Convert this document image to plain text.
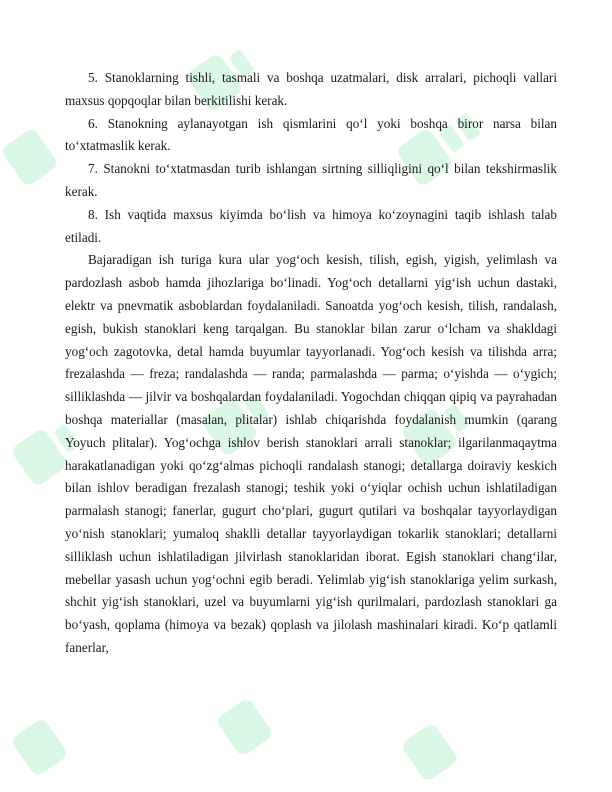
5. Stanoklarning tishli, tasmali va boshqa uzatmalari, disk arralari, pichoqli vallari maxsus qopqoqlar bilan berkitilishi kerak.

6. Stanokning aylanayotgan ish qismlarini qo‘l yoki boshqa biror narsa bilan to‘xtatmaslik kerak.

7. Stanokni to‘xtatmasdan turib ishlangan sirtning silliqligini qo‘l bilan tekshirmaslik kerak.

8. Ish vaqtida maxsus kiyimda bo‘lish va himoya ko‘zoynagini taqib ishlash talab etiladi.

Bajaradigan ish turiga kura ular yog‘och kesish, tilish, egish, yigish, yelimlash va pardozlash asbob hamda jihozlariga bo‘linadi. Yog‘och detallarni yig‘ish uchun dastaki, elektr va pnevmatik asboblardan foydalaniladi. Sanoatda yog‘och kesish, tilish, randalash, egish, bukish stanoklari keng tarqalgan. Bu stanoklar bilan zarur o‘lcham va shakldagi yog‘och zagotovka, detal hamda buyumlar tayyorlanadi. Yog‘och kesish va tilishda arra; frezalashda — freza; randalashda — randa; parmalashda — parma; o‘yishda — o‘ygich; silliklashda — jilvir va boshqalardan foydalaniladi. Yogochdan chiqqan qipiq va payrahadan boshqa materiallar (masalan, plitalar) ishlab chiqarishda foydalanish mumkin (qarang Yoyuch plitalar). Yog‘ochga ishlov berish stanoklari arrali stanoklar; ilgarilanmaqaytma harakatlanadigan yoki qo‘zg‘almas pichoqli randalash stanogi; detallarga doiraviy keskich bilan ishlov beradigan frezalash stanogi; teshik yoki o‘yiqlar ochish uchun ishlatiladigan parmalash stanogi; fanerlar, gugurt cho‘plari, gugurt qutilari va boshqalar tayyorlaydigan yo‘nish stanoklari; yumaloq shaklli detallar tayyorlaydigan tokarlik stanoklari; detallarni silliklash uchun ishlatiladigan jilvirlash stanoklaridan iborat. Egish stanoklari chang‘ilar, mebellar yasash uchun yog‘ochni egib beradi. Yelimlab yig‘ish stanoklariga yelim surkash, shchit yig‘ish stanoklari, uzel va buyumlarni yig‘ish qurilmalari, pardozlash stanoklari ga bo‘yash, qoplama (himoya va bezak) qoplash va jilolash mashinalari kiradi. Ko‘p qatlamli fanerlar,
